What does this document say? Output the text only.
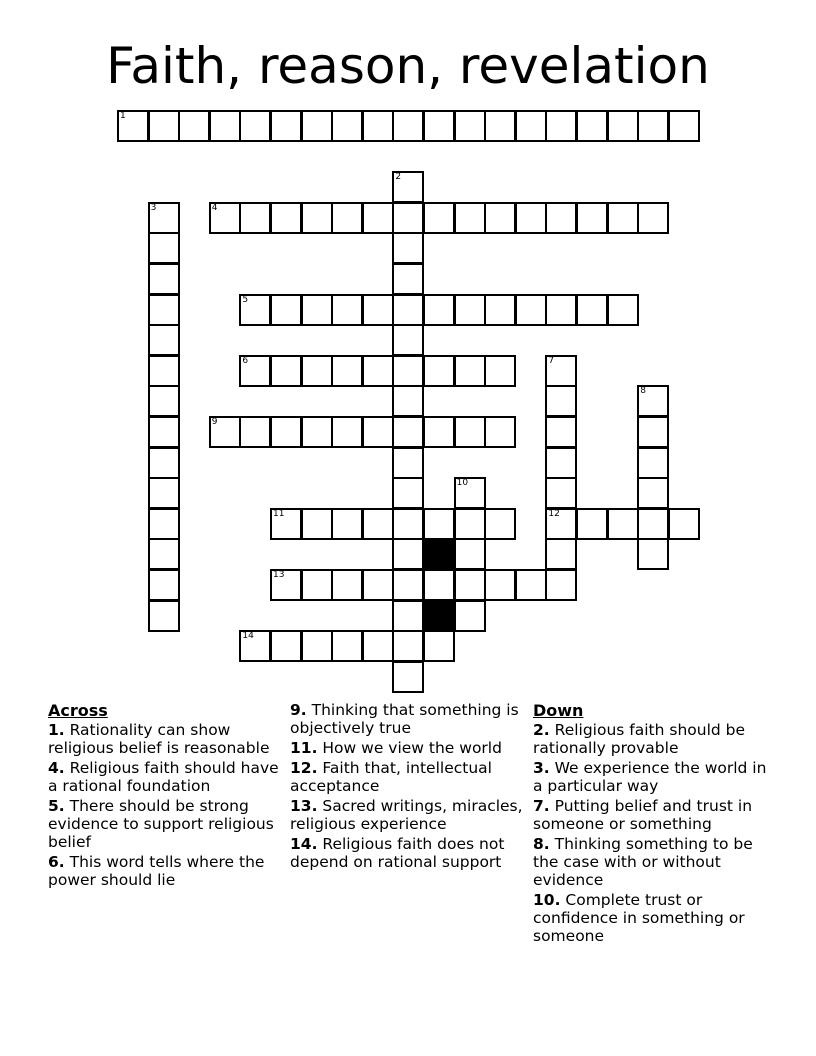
Faith, reason, revelation
1
2
3	4
5
6	7
12
8
9
10
11
13
14
Across
1. Rationality can show religious belief is reasonable
4. Religious faith should have a rational foundation
5. There should be strong evidence to support religious belief
6. This word tells where the power should lie
9. Thinking that something is objectively true
11. How we view the world
12. Faith that, intellectual acceptance
13. Sacred writings, miracles, religious experience
14. Religious faith does not depend on rational support
Down
2. Religious faith should be rationally provable
3. We experience the world in a particular way
7. Putting belief and trust in someone or something
8. Thinking something to be the case with or without evidence
10. Complete trust or confidence in something or someone
